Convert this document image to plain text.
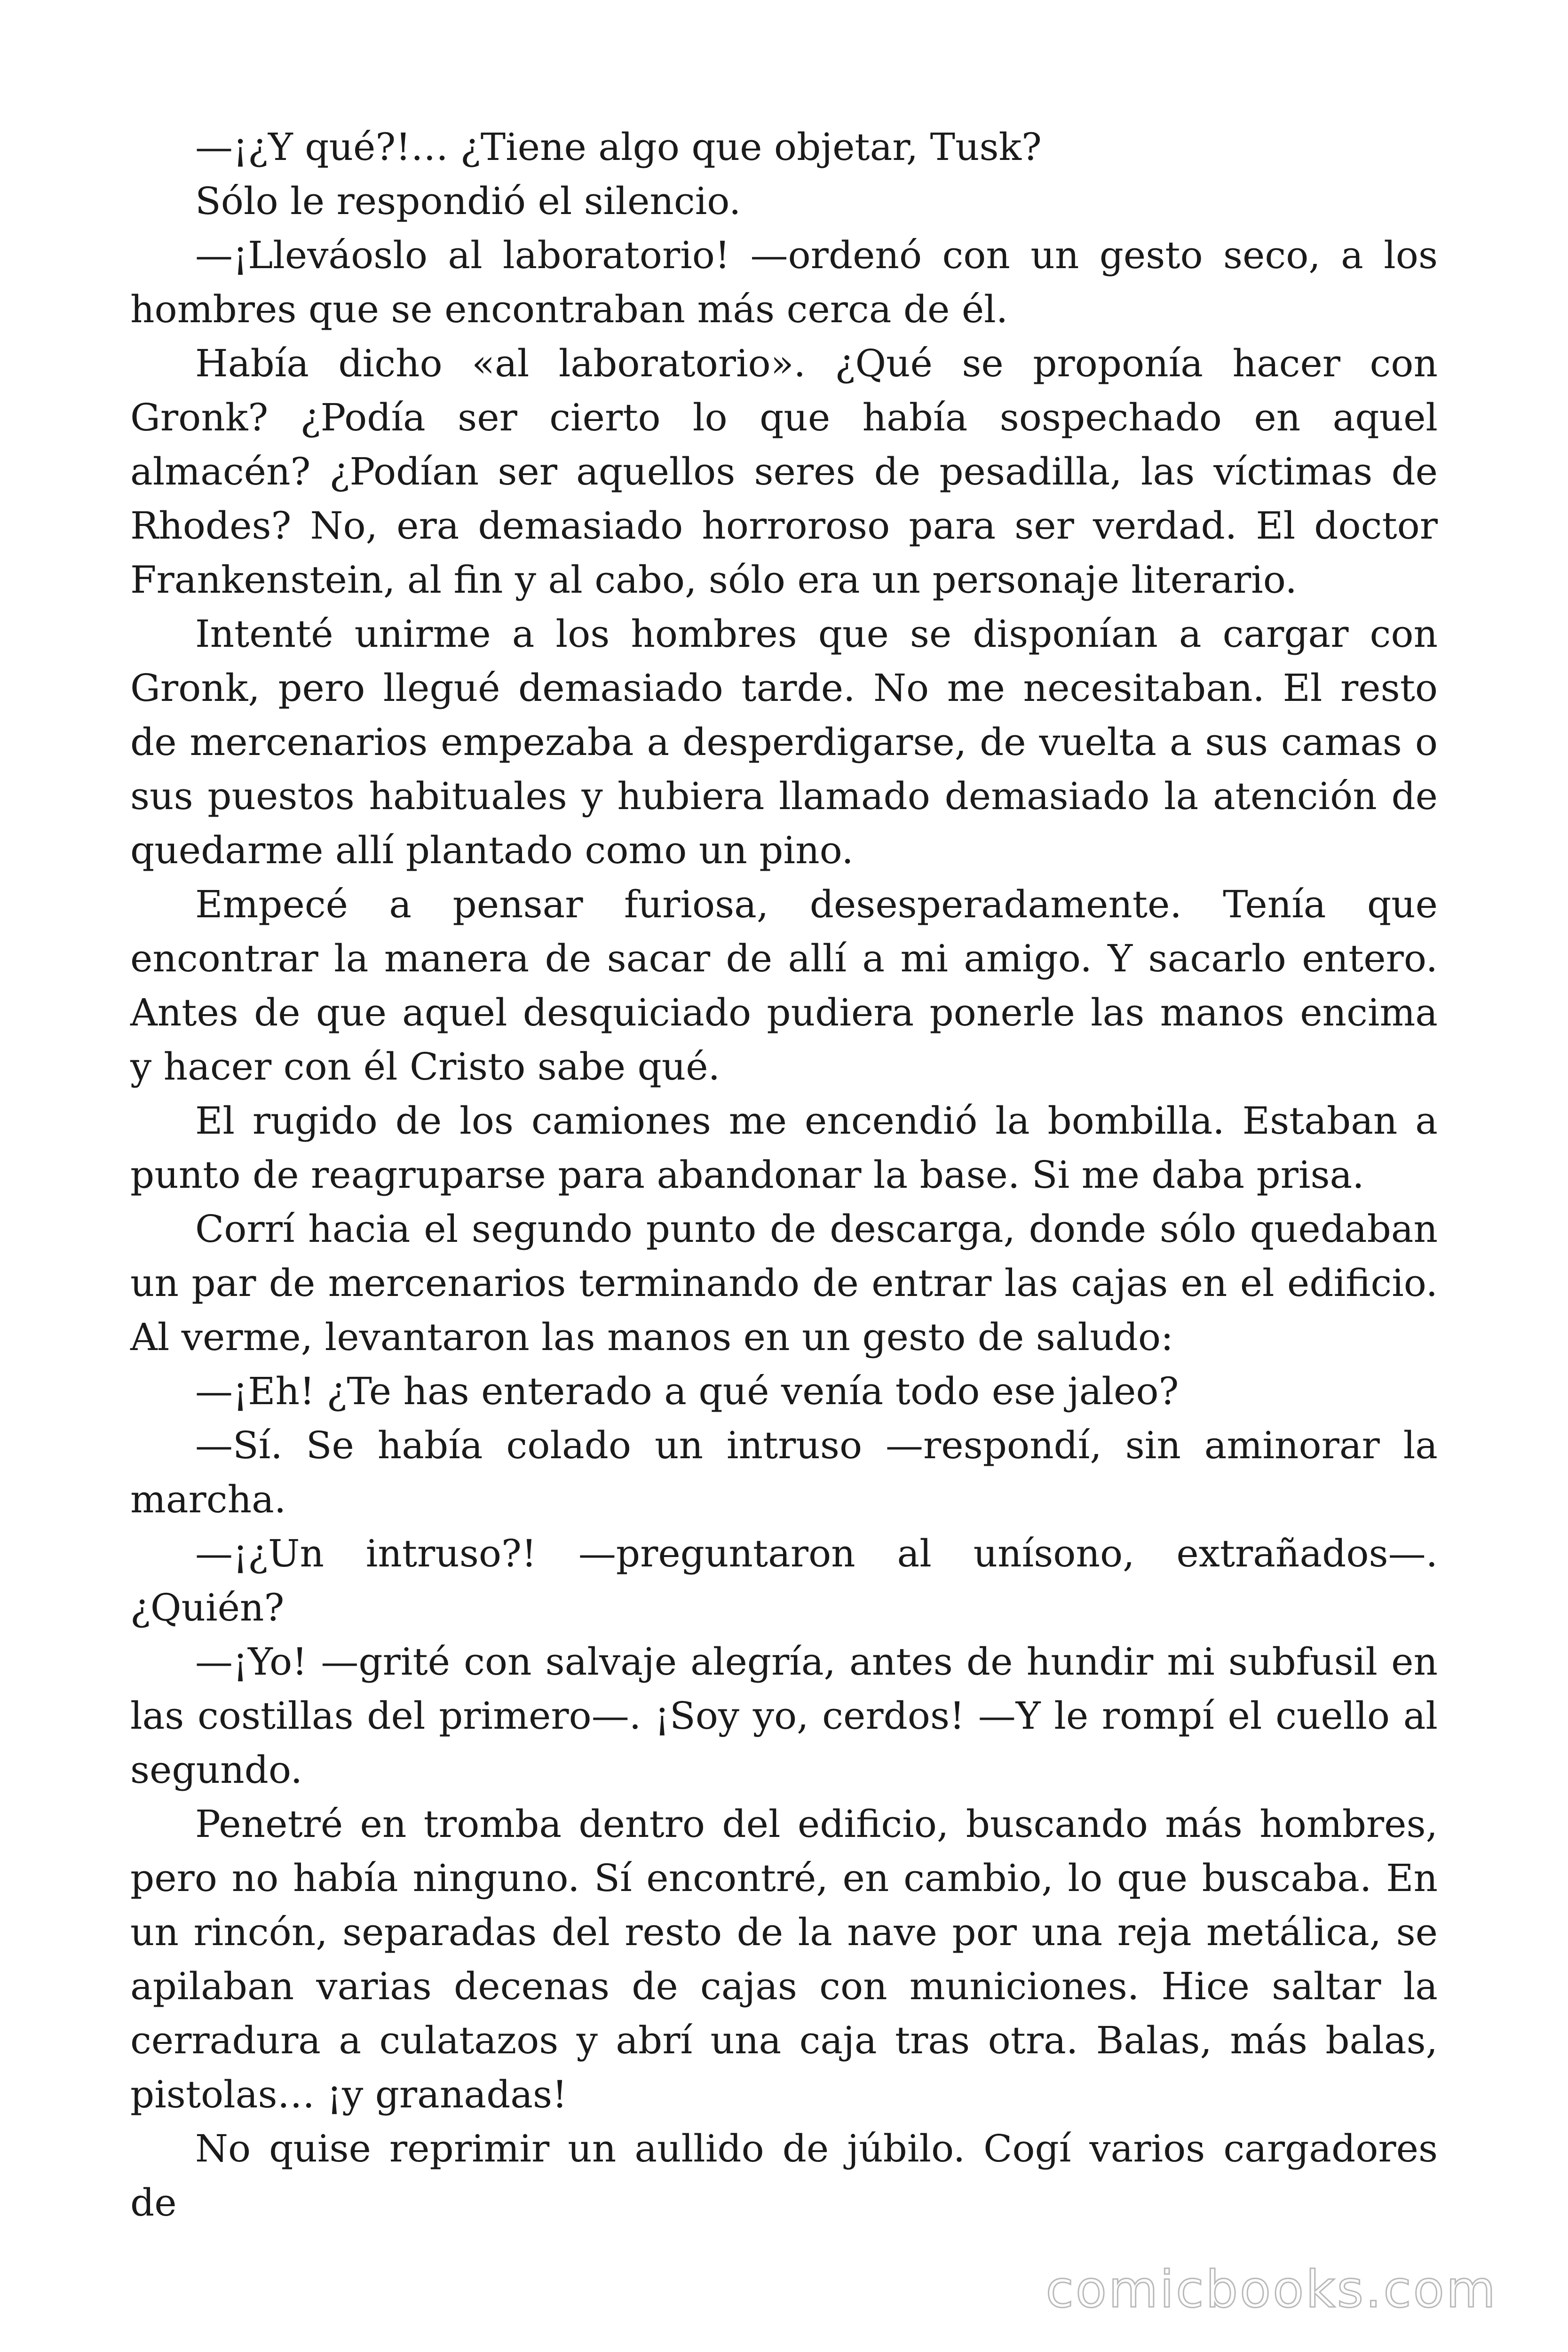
—¡¿Y qué?!… ¿Tiene algo que objetar, Tusk?

Sólo le respondió el silencio.

—¡Lleváoslo al laboratorio! —ordenó con un gesto seco, a los hombres que se encontraban más cerca de él.

Había dicho «al laboratorio». ¿Qué se proponía hacer con Gronk? ¿Podía ser cierto lo que había sospechado en aquel almacén? ¿Podían ser aquellos seres de pesadilla, las víctimas de Rhodes? No, era demasiado horroroso para ser verdad. El doctor Frankenstein, al fin y al cabo, sólo era un personaje literario.

Intenté unirme a los hombres que se disponían a cargar con Gronk, pero llegué demasiado tarde. No me necesitaban. El resto de mercenarios empezaba a desperdigarse, de vuelta a sus camas o sus puestos habituales y hubiera llamado demasiado la atención de quedarme allí plantado como un pino.

Empecé a pensar furiosa, desesperadamente. Tenía que encontrar la manera de sacar de allí a mi amigo. Y sacarlo entero. Antes de que aquel desquiciado pudiera ponerle las manos encima y hacer con él Cristo sabe qué.

El rugido de los camiones me encendió la bombilla. Estaban a punto de reagruparse para abandonar la base. Si me daba prisa.

Corrí hacia el segundo punto de descarga, donde sólo quedaban un par de mercenarios terminando de entrar las cajas en el edificio. Al verme, levantaron las manos en un gesto de saludo:

—¡Eh! ¿Te has enterado a qué venía todo ese jaleo?

—Sí. Se había colado un intruso —respondí, sin aminorar la marcha.

—¡¿Un intruso?! —preguntaron al unísono, extrañados—. ¿Quién?

—¡Yo! —grité con salvaje alegría, antes de hundir mi subfusil en las costillas del primero—. ¡Soy yo, cerdos! —Y le rompí el cuello al segundo.

Penetré en tromba dentro del edificio, buscando más hombres, pero no había ninguno. Sí encontré, en cambio, lo que buscaba. En un rincón, separadas del resto de la nave por una reja metálica, se apilaban varias decenas de cajas con municiones. Hice saltar la cerradura a culatazos y abrí una caja tras otra. Balas, más balas, pistolas… ¡y granadas!

No quise reprimir un aullido de júbilo. Cogí varios cargadores de

comicbooks.com
